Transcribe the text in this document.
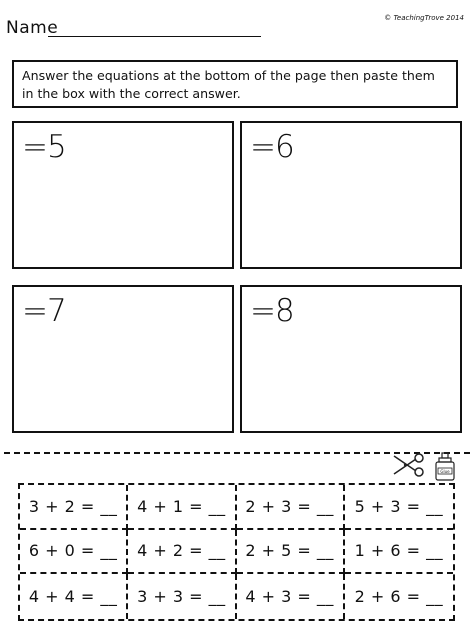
Name	© TeachingTrove 2014
Answer the equations at the bottom of the page then paste them in the box with the correct answer.
=5	=6
=7	=8
Glue
3 + 2 = __	4 + 1 = __	2 + 3 = __	5 + 3 = __
6 + 0 = __	4 + 2 = __	2 + 5 = __	1 + 6 = __
4 + 4 = __	3 + 3 = __	4 + 3 = __	2 + 6 = __
